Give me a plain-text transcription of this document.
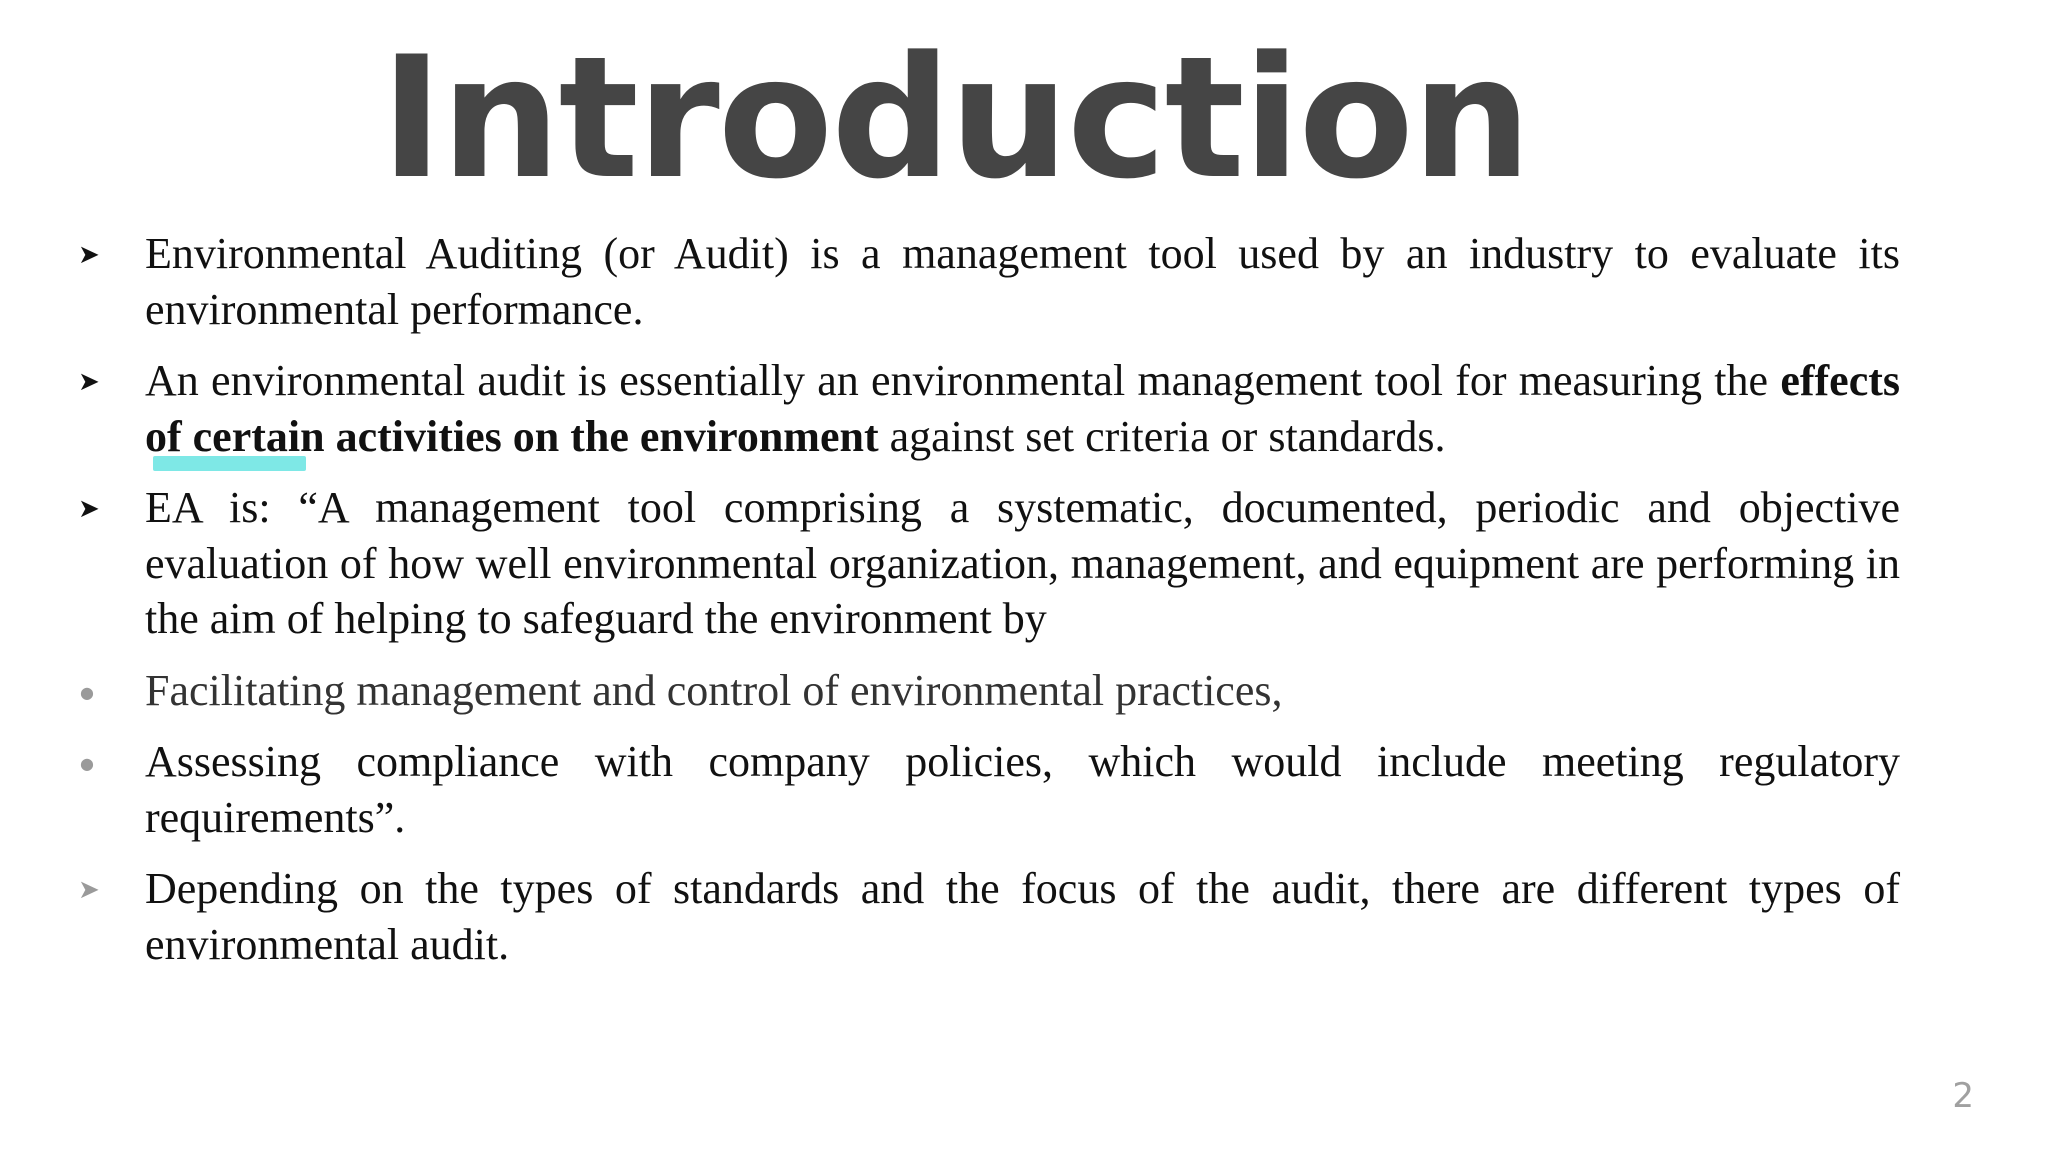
Introduction
➤ Environmental Auditing (or Audit) is a management tool used by an industry to evaluate its environmental performance.
➤ An environmental audit is essentially an environmental management tool for measuring the effects of certain activities on the environment against set criteria or standards.
➤ EA is: “A management tool comprising a systematic, documented, periodic and objective evaluation of how well environmental organization, management, and equipment are performing in the aim of helping to safeguard the environment by
●	Facilitating management and control of environmental practices,
●	Assessing compliance with company policies, which would include meeting regulatory requirements”.
➤ Depending on the types of standards and the focus of the audit, there are different types of environmental audit.
2
